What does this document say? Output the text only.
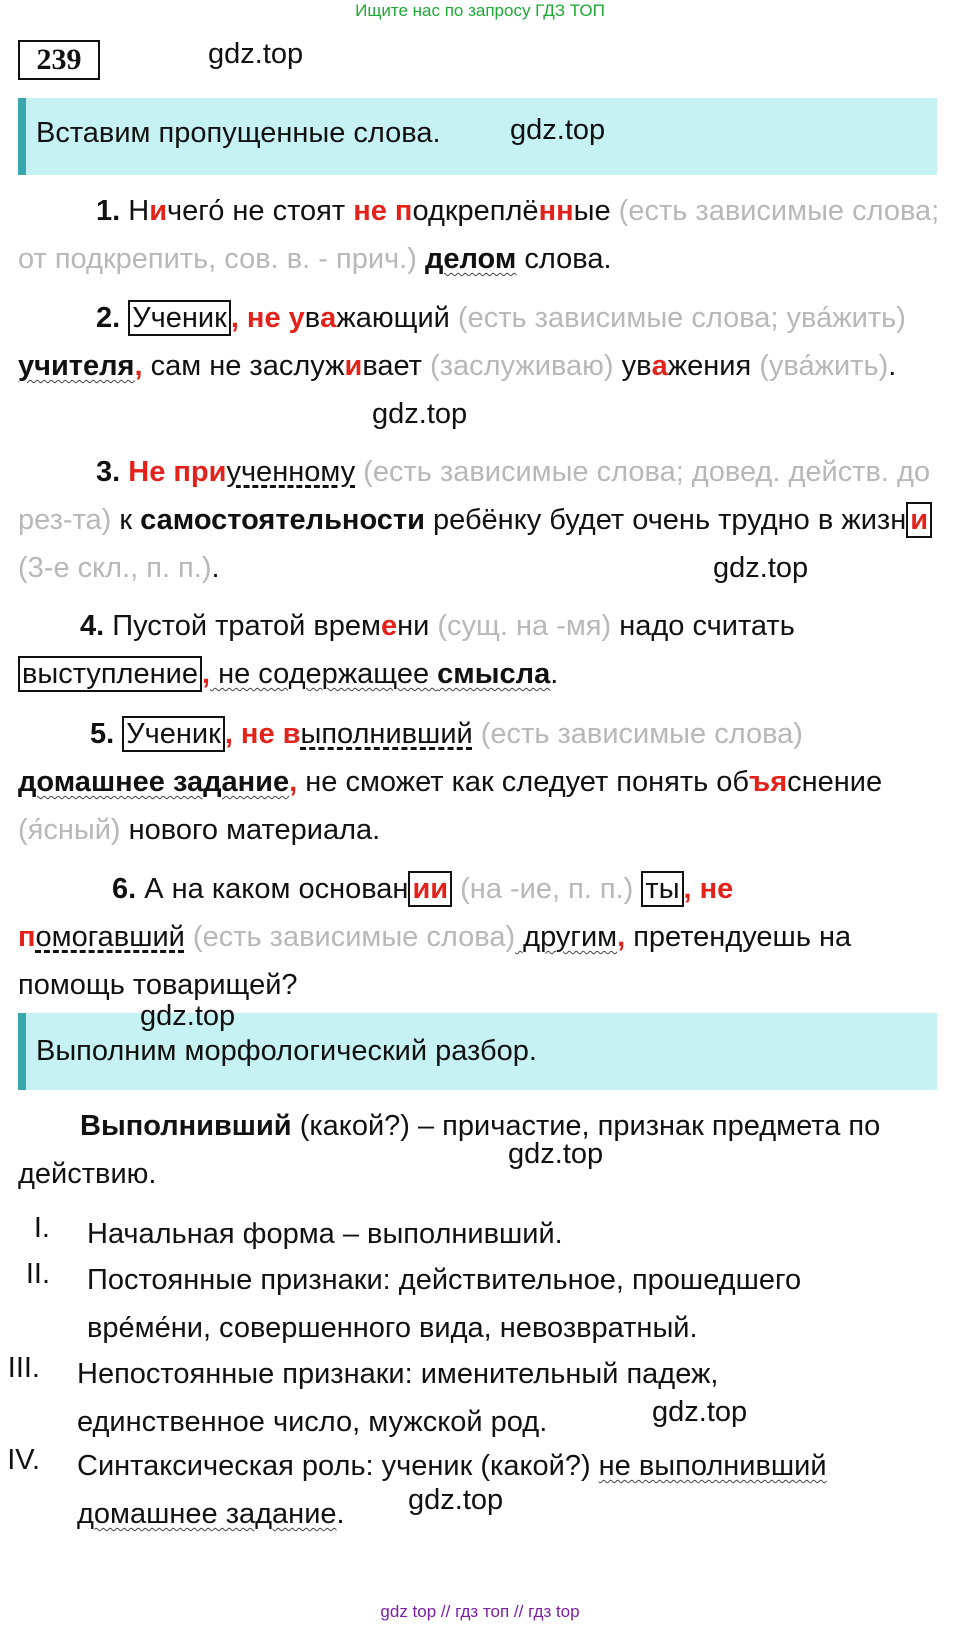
Ищите нас по запросу ГДЗ ТОП
239	gdz.top
Вставим пропущенные слова. gdz.top
1. Ничего́ не стоят не подкреплённые (есть зависимые слова; от подкрепить, сов. в. - прич.) делом слова.
2. Ученик , не уважающий (есть зависимые слова; ува́жить) учителя, сам не заслуживает (заслуживаю) уважения (ува́жить).
gdz.top
3. Не приученному (есть зависимые слова; довед. действ. до рез-та) к самостоятельности ребёнку будет очень трудно в жизн и (3-е скл., п. п.).	gdz.top
4. Пустой тратой времени (сущ. на -мя) надо считать выступление , не содержащее смысла.
5. Ученик , не выполнивший (есть зависимые слова)
домашнее задание, не сможет как следует понять объяснение (я́сный) нового материала.
6. А на каком основан ии (на -ие, п. п.) ты , не
помогавший (есть зависимые слова) другим, претендуешь на помощь товарищей?
gdz.top
Выполним морфологический разбор.
Выполнивший (какой?) – причастие, признак предмета по действию.
gdz.top
I. Начальная форма – выполнивший.
II. Постоянные признаки: действительное, прошедшего вре́ме́ни, совершенного вида, невозвратный.
III. Непостоянные признаки: именительный падеж, единственное число, мужской род.	gdz.top
IV. Синтаксическая роль: ученик (какой?) не выполнивший домашнее задание.	gdz.top
gdz top // гдз топ // гдз top
